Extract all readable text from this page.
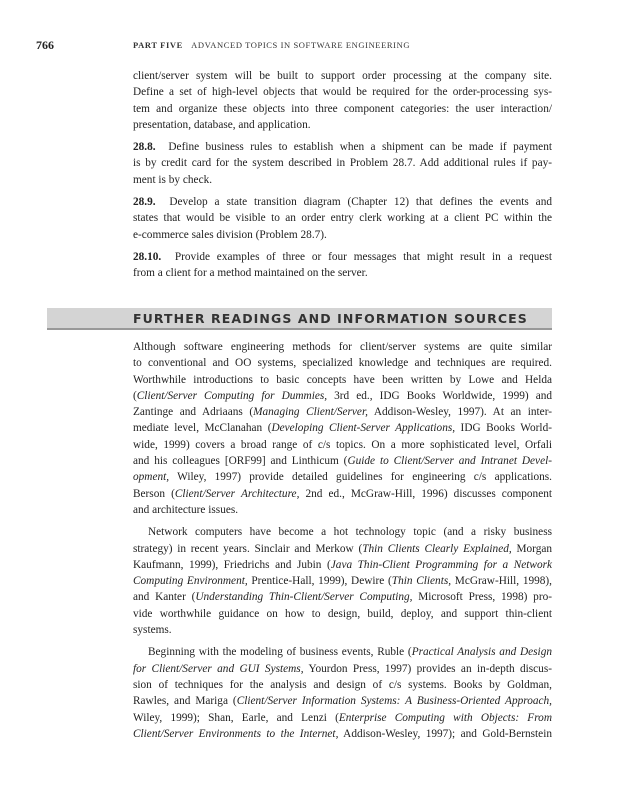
766	PART FIVE ADVANCED TOPICS IN SOFTWARE ENGINEERING
client/server system will be built to support order processing at the company site.
Define a set of high-level objects that would be required for the order-processing sys-
tem and organize these objects into three component categories: the user interaction/
presentation, database, and application.
28.8.  Define business rules to establish when a shipment can be made if payment
is by credit card for the system described in Problem 28.7. Add additional rules if pay-
ment is by check.
28.9.  Develop a state transition diagram (Chapter 12) that defines the events and
states that would be visible to an order entry clerk working at a client PC within the
e-commerce sales division (Problem 28.7).
28.10.  Provide examples of three or four messages that might result in a request
from a client for a method maintained on the server.
FURTHER READINGS AND INFORMATION SOURCES
Although software engineering methods for client/server systems are quite similar
to conventional and OO systems, specialized knowledge and techniques are required.
Worthwhile introductions to basic concepts have been written by Lowe and Helda
(Client/Server Computing for Dummies, 3rd ed., IDG Books Worldwide, 1999) and
Zantinge and Adriaans (Managing Client/Server, Addison-Wesley, 1997). At an inter-
mediate level, McClanahan (Developing Client-Server Applications, IDG Books World-
wide, 1999) covers a broad range of c/s topics. On a more sophisticated level, Orfali
and his colleagues [ORF99] and Linthicum (Guide to Client/Server and Intranet Devel-
opment, Wiley, 1997) provide detailed guidelines for engineering c/s applications.
Berson (Client/Server Architecture, 2nd ed., McGraw-Hill, 1996) discusses component
and architecture issues.
Network computers have become a hot technology topic (and a risky business
strategy) in recent years. Sinclair and Merkow (Thin Clients Clearly Explained, Morgan
Kaufmann, 1999), Friedrichs and Jubin (Java Thin-Client Programming for a Network
Computing Environment, Prentice-Hall, 1999), Dewire (Thin Clients, McGraw-Hill, 1998),
and Kanter (Understanding Thin-Client/Server Computing, Microsoft Press, 1998) pro-
vide worthwhile guidance on how to design, build, deploy, and support thin-client
systems.
Beginning with the modeling of business events, Ruble (Practical Analysis and Design
for Client/Server and GUI Systems, Yourdon Press, 1997) provides an in-depth discus-
sion of techniques for the analysis and design of c/s systems. Books by Goldman,
Rawles, and Mariga (Client/Server Information Systems: A Business-Oriented Approach,
Wiley, 1999); Shan, Earle, and Lenzi (Enterprise Computing with Objects: From
Client/Server Environments to the Internet, Addison-Wesley, 1997); and Gold-Bernstein
